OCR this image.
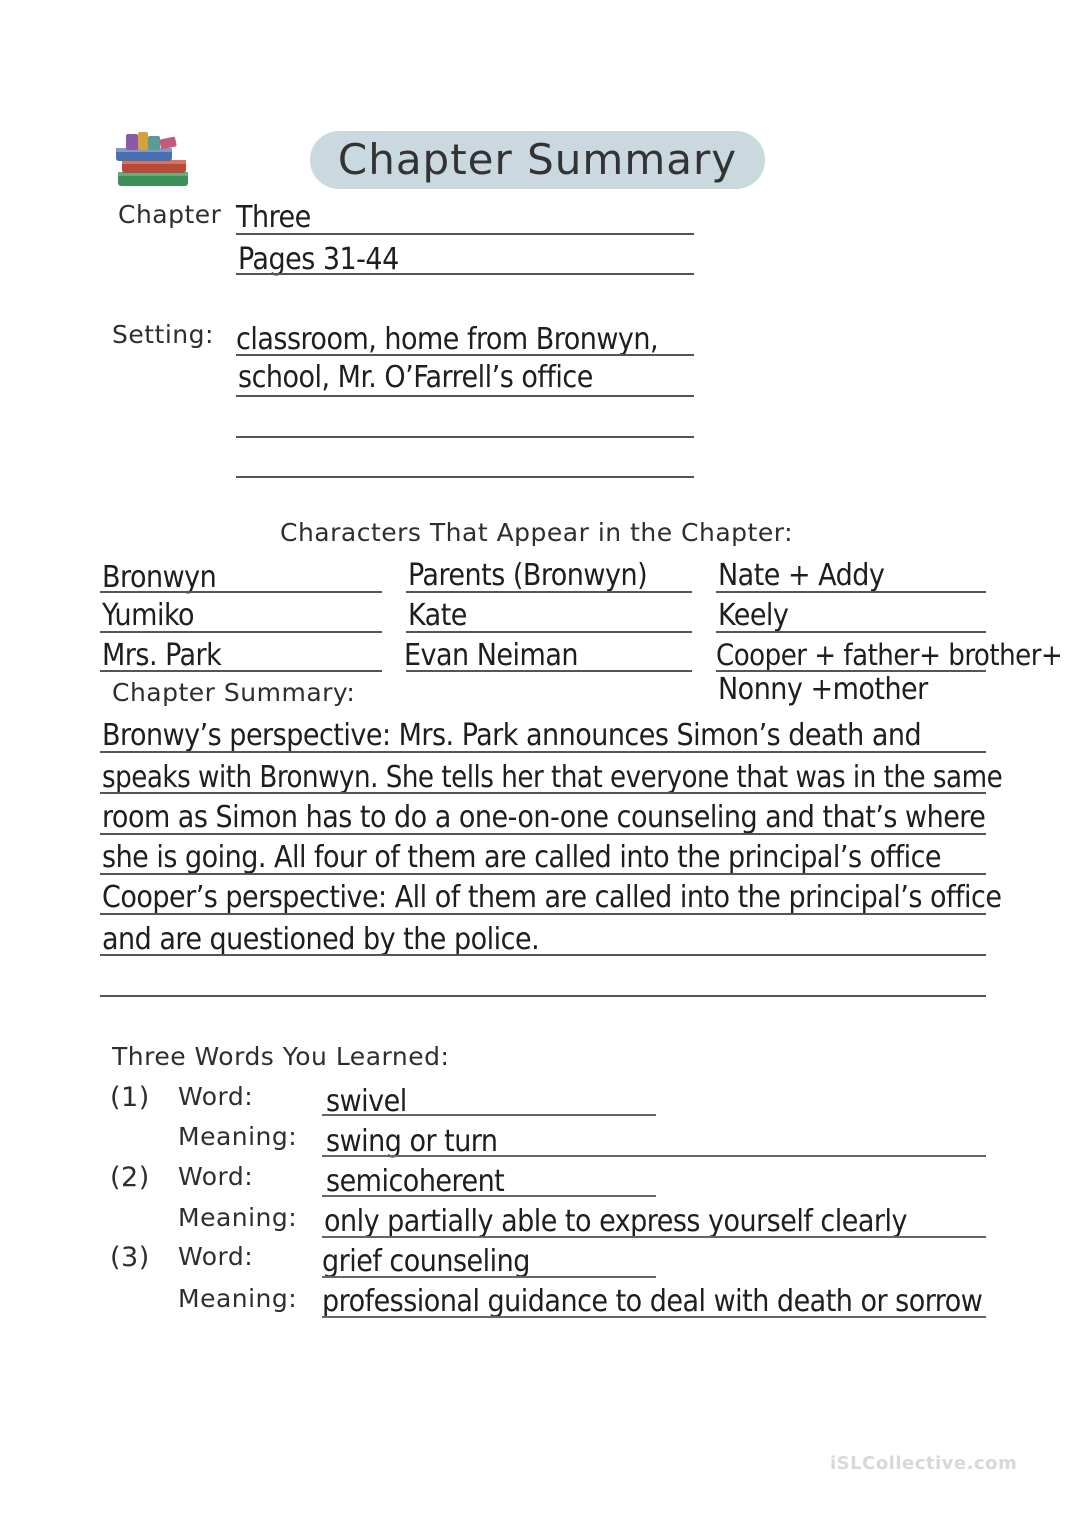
Chapter Summary
Chapter Three
Pages 31-44
Setting: classroom, home from Bronwyn,
school, Mr. O’Farrell’s office
Characters That Appear in the Chapter:
Bronwyn
Yumiko
Mrs. Park
Parents (Bronwyn)
Kate
Evan Neiman
Nate + Addy
Keely
Cooper + father+ brother+
Nonny +mother
Chapter Summary:
Bronwy’s perspective: Mrs. Park announces Simon’s death and
speaks with Bronwyn. She tells her that everyone that was in the same
room as Simon has to do a one-on-one counseling and that’s where
she is going. All four of them are called into the principal’s office
Cooper’s perspective: All of them are called into the principal’s office
and are questioned by the police.
Three Words You Learned:
(1) Word: swivel
Meaning: swing or turn
(2) Word: semicoherent
Meaning: only partially able to express yourself clearly
(3) Word: grief counseling
Meaning: professional guidance to deal with death or sorrow
iSLCollective.com
